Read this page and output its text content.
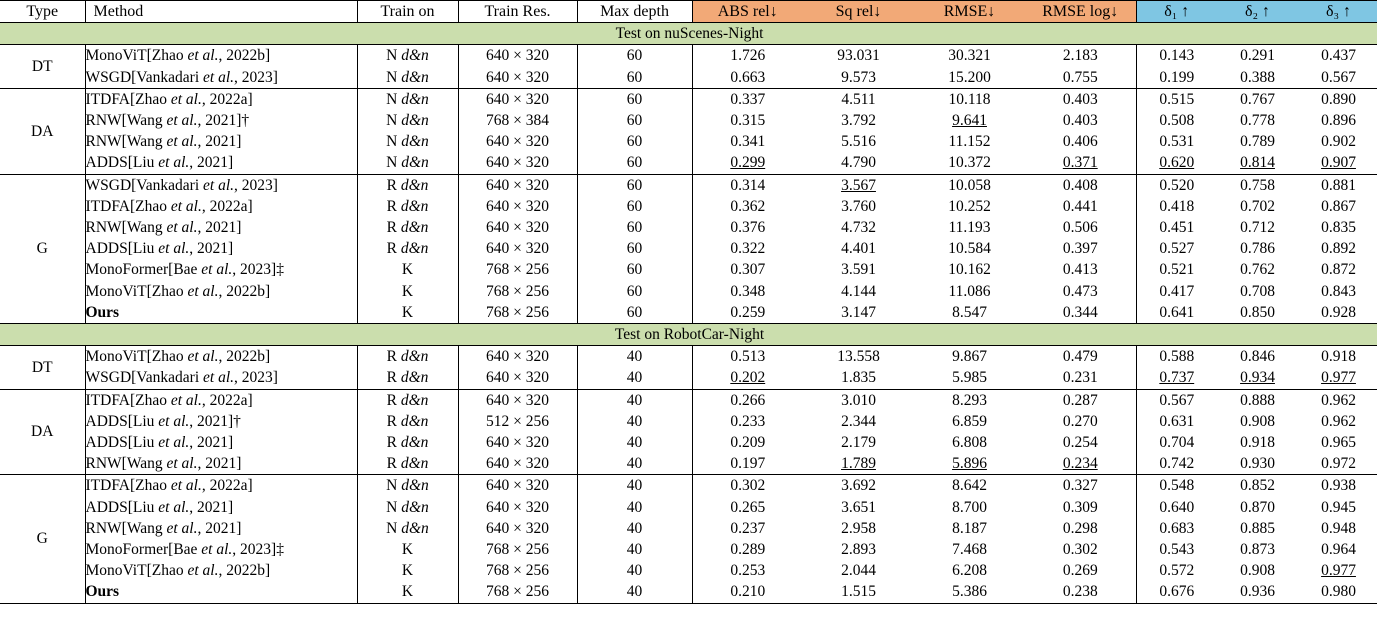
Type	Method	Train on	Train Res.	Max depth	ABS rel↓	Sq rel↓	RMSE↓	RMSE log↓	δ₁ ↑	δ₂ ↑	δ₃ ↑
Test on nuScenes-Night											
DT	MonoViT[Zhao et al., 2022b]	N d&n	640 × 320	60	1.726	93.031	30.321	2.183	0.143	0.291	0.437
	WSGD[Vankadari et al., 2023]	N d&n	640 × 320	60	0.663	9.573	15.200	0.755	0.199	0.388	0.567
DA	ITDFA[Zhao et al., 2022a]	N d&n	640 × 320	60	0.337	4.511	10.118	0.403	0.515	0.767	0.890
	RNW[Wang et al., 2021]†	N d&n	768 × 384	60	0.315	3.792	9.641	0.403	0.508	0.778	0.896
	RNW[Wang et al., 2021]	N d&n	640 × 320	60	0.341	5.516	11.152	0.406	0.531	0.789	0.902
	ADDS[Liu et al., 2021]	N d&n	640 × 320	60	0.299	4.790	10.372	0.371	0.620	0.814	0.907
G	WSGD[Vankadari et al., 2023]	R d&n	640 × 320	60	0.314	3.567	10.058	0.408	0.520	0.758	0.881
	ITDFA[Zhao et al., 2022a]	R d&n	640 × 320	60	0.362	3.760	10.252	0.441	0.418	0.702	0.867
	RNW[Wang et al., 2021]	R d&n	640 × 320	60	0.376	4.732	11.193	0.506	0.451	0.712	0.835
	ADDS[Liu et al., 2021]	R d&n	640 × 320	60	0.322	4.401	10.584	0.397	0.527	0.786	0.892
	MonoFormer[Bae et al., 2023]‡	K	768 × 256	60	0.307	3.591	10.162	0.413	0.521	0.762	0.872
	MonoViT[Zhao et al., 2022b]	K	768 × 256	60	0.348	4.144	11.086	0.473	0.417	0.708	0.843
	Ours	K	768 × 256	60	0.259	3.147	8.547	0.344	0.641	0.850	0.928
Test on RobotCar-Night											
DT	MonoViT[Zhao et al., 2022b]	R d&n	640 × 320	40	0.513	13.558	9.867	0.479	0.588	0.846	0.918
	WSGD[Vankadari et al., 2023]	R d&n	640 × 320	40	0.202	1.835	5.985	0.231	0.737	0.934	0.977
DA	ITDFA[Zhao et al., 2022a]	R d&n	640 × 320	40	0.266	3.010	8.293	0.287	0.567	0.888	0.962
	ADDS[Liu et al., 2021]†	R d&n	512 × 256	40	0.233	2.344	6.859	0.270	0.631	0.908	0.962
	ADDS[Liu et al., 2021]	R d&n	640 × 320	40	0.209	2.179	6.808	0.254	0.704	0.918	0.965
	RNW[Wang et al., 2021]	R d&n	640 × 320	40	0.197	1.789	5.896	0.234	0.742	0.930	0.972
G	ITDFA[Zhao et al., 2022a]	N d&n	640 × 320	40	0.302	3.692	8.642	0.327	0.548	0.852	0.938
	ADDS[Liu et al., 2021]	N d&n	640 × 320	40	0.265	3.651	8.700	0.309	0.640	0.870	0.945
	RNW[Wang et al., 2021]	N d&n	640 × 320	40	0.237	2.958	8.187	0.298	0.683	0.885	0.948
	MonoFormer[Bae et al., 2023]‡	K	768 × 256	40	0.289	2.893	7.468	0.302	0.543	0.873	0.964
	MonoViT[Zhao et al., 2022b]	K	768 × 256	40	0.253	2.044	6.208	0.269	0.572	0.908	0.977
	Ours	K	768 × 256	40	0.210	1.515	5.386	0.238	0.676	0.936	0.980
